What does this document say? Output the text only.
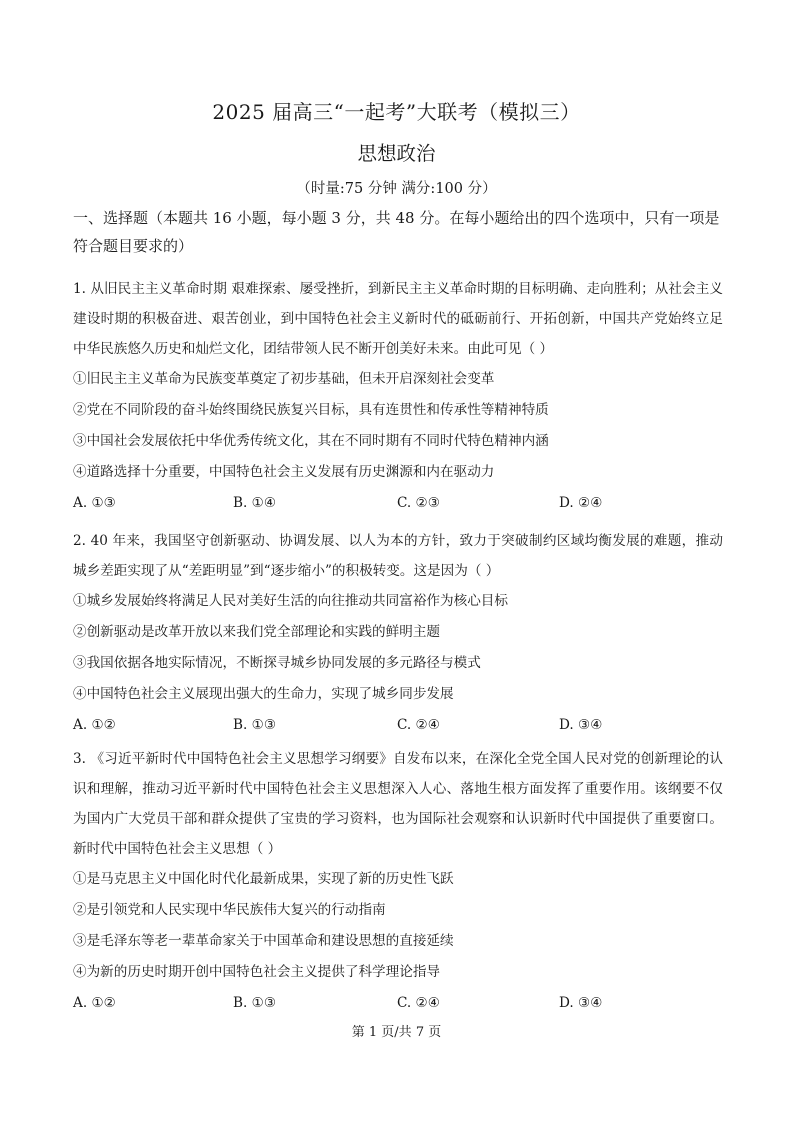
2025 届高三“一起考”大联考（模拟三）
思想政治
（时量:75 分钟 满分:100 分）

一、选择题（本题共 16 小题，每小题 3 分，共 48 分。在每小题给出的四个选项中，只有一项是符合题目要求的）

1. 从旧民主主义革命时期 艰难探索、屡受挫折，到新民主主义革命时期的目标明确、走向胜利；从社会主义建设时期的积极奋进、艰苦创业，到中国特色社会主义新时代的砥砺前行、开拓创新，中国共产党始终立足中华民族悠久历史和灿烂文化，团结带领人民不断开创美好未来。由此可见（ ）

①旧民主主义革命为民族变革奠定了初步基础，但未开启深刻社会变革

②党在不同阶段的奋斗始终围绕民族复兴目标，具有连贯性和传承性等精神特质

③中国社会发展依托中华优秀传统文化，其在不同时期有不同时代特色精神内涵

④道路选择十分重要，中国特色社会主义发展有历史渊源和内在驱动力

A. ①③	B. ①④	C. ②③	D. ②④

2. 40 年来，我国坚守创新驱动、协调发展、以人为本的方针，致力于突破制约区域均衡发展的难题，推动城乡差距实现了从“差距明显”到“逐步缩小”的积极转变。这是因为（ ）

①城乡发展始终将满足人民对美好生活的向往推动共同富裕作为核心目标

②创新驱动是改革开放以来我们党全部理论和实践的鲜明主题

③我国依据各地实际情况，不断探寻城乡协同发展的多元路径与模式

④中国特色社会主义展现出强大的生命力，实现了城乡同步发展

A. ①②	B. ①③	C. ②④	D. ③④

3. 《习近平新时代中国特色社会主义思想学习纲要》自发布以来，在深化全党全国人民对党的创新理论的认识和理解，推动习近平新时代中国特色社会主义思想深入人心、落地生根方面发挥了重要作用。该纲要不仅为国内广大党员干部和群众提供了宝贵的学习资料，也为国际社会观察和认识新时代中国提供了重要窗口。新时代中国特色社会主义思想（ ）

①是马克思主义中国化时代化最新成果，实现了新的历史性飞跃

②是引领党和人民实现中华民族伟大复兴的行动指南

③是毛泽东等老一辈革命家关于中国革命和建设思想的直接延续

④为新的历史时期开创中国特色社会主义提供了科学理论指导

A. ①②	B. ①③	C. ②④	D. ③④
第 1 页/共 7 页
